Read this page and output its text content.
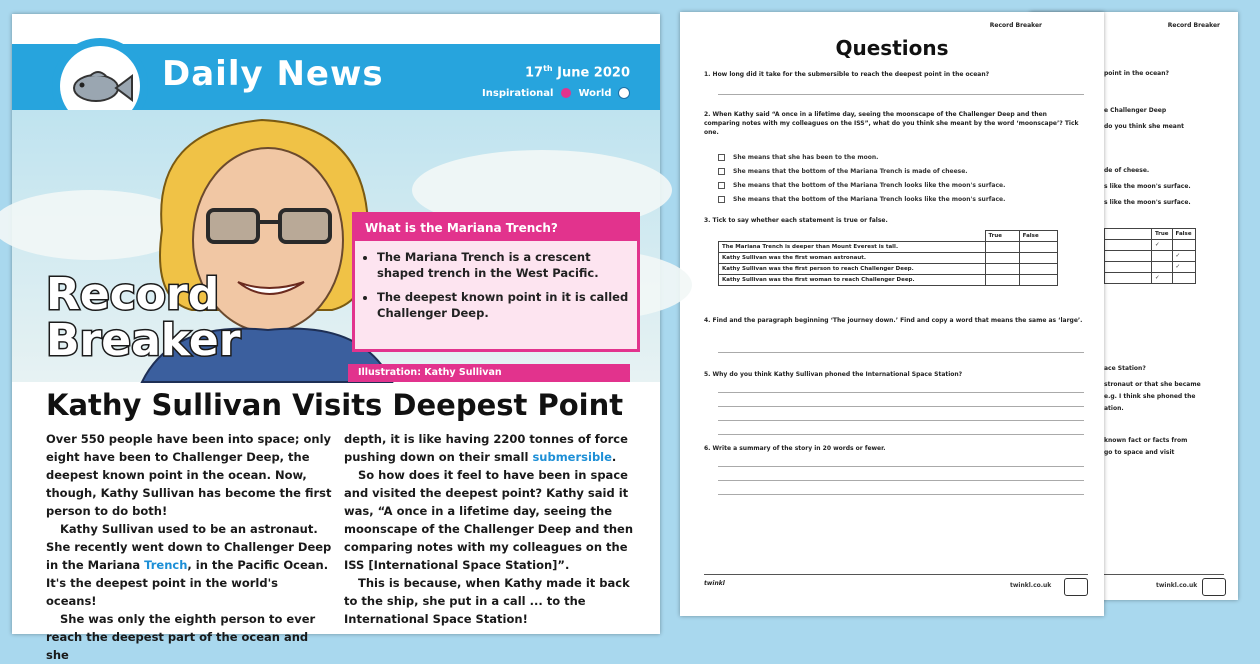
Record Breaker
point in the ocean?
e Challenger Deep
do you think she meant
de of cheese.
s like the moon's surface.
s like the moon's surface.
	True	False
	✓	
		✓
		✓
	✓	
ace Station?
stronaut or that she became
e.g. I think she phoned the
ation.
known fact or facts from
go to space and visit
twinkl.co.uk
Record Breaker
Questions
1. How long did it take for the submersible to reach the deepest point in the ocean?
2. When Kathy said “A once in a lifetime day, seeing the moonscape of the Challenger Deep and then comparing notes with my colleagues on the ISS”, what do you think she meant by the word ‘moonscape’? Tick one.
She means that she has been to the moon.
She means that the bottom of the Mariana Trench is made of cheese.
She means that the bottom of the Mariana Trench looks like the moon's surface.
She means that the bottom of the Mariana Trench looks like the moon's surface.
3. Tick to say whether each statement is true or false.
	True	False
The Mariana Trench is deeper than Mount Everest is tall.		
Kathy Sullivan was the first woman astronaut.		
Kathy Sullivan was the first person to reach Challenger Deep.		
Kathy Sullivan was the first woman to reach Challenger Deep.		
4. Find and the paragraph beginning ‘The journey down.’ Find and copy a word that means the same as ‘large’.
5. Why do you think Kathy Sullivan phoned the International Space Station?
6. Write a summary of the story in 20 words or fewer.
twinkl	twinkl.co.uk
Daily News	17th June 2020
Inspirational World
Record
Breaker
What is the Mariana Trench?
• The Mariana Trench is a crescent shaped trench in the West Pacific.
• The deepest known point in it is called Challenger Deep.
Illustration: Kathy Sullivan
Kathy Sullivan Visits Deepest Point

Over 550 people have been into space; only eight have been to Challenger Deep, the deepest known point in the ocean. Now, though, Kathy Sullivan has become the first person to do both!

Kathy Sullivan used to be an astronaut. She recently went down to Challenger Deep in the Mariana Trench, in the Pacific Ocean. It's the deepest point in the world's oceans!

She was only the eighth person to ever reach the deepest part of the ocean and she

depth, it is like having 2200 tonnes of force pushing down on their small submersible.

So how does it feel to have been in space and visited the deepest point? Kathy said it was, “A once in a lifetime day, seeing the moonscape of the Challenger Deep and then comparing notes with my colleagues on the ISS [International Space Station]”.

This is because, when Kathy made it back to the ship, she put in a call ... to the International Space Station!
